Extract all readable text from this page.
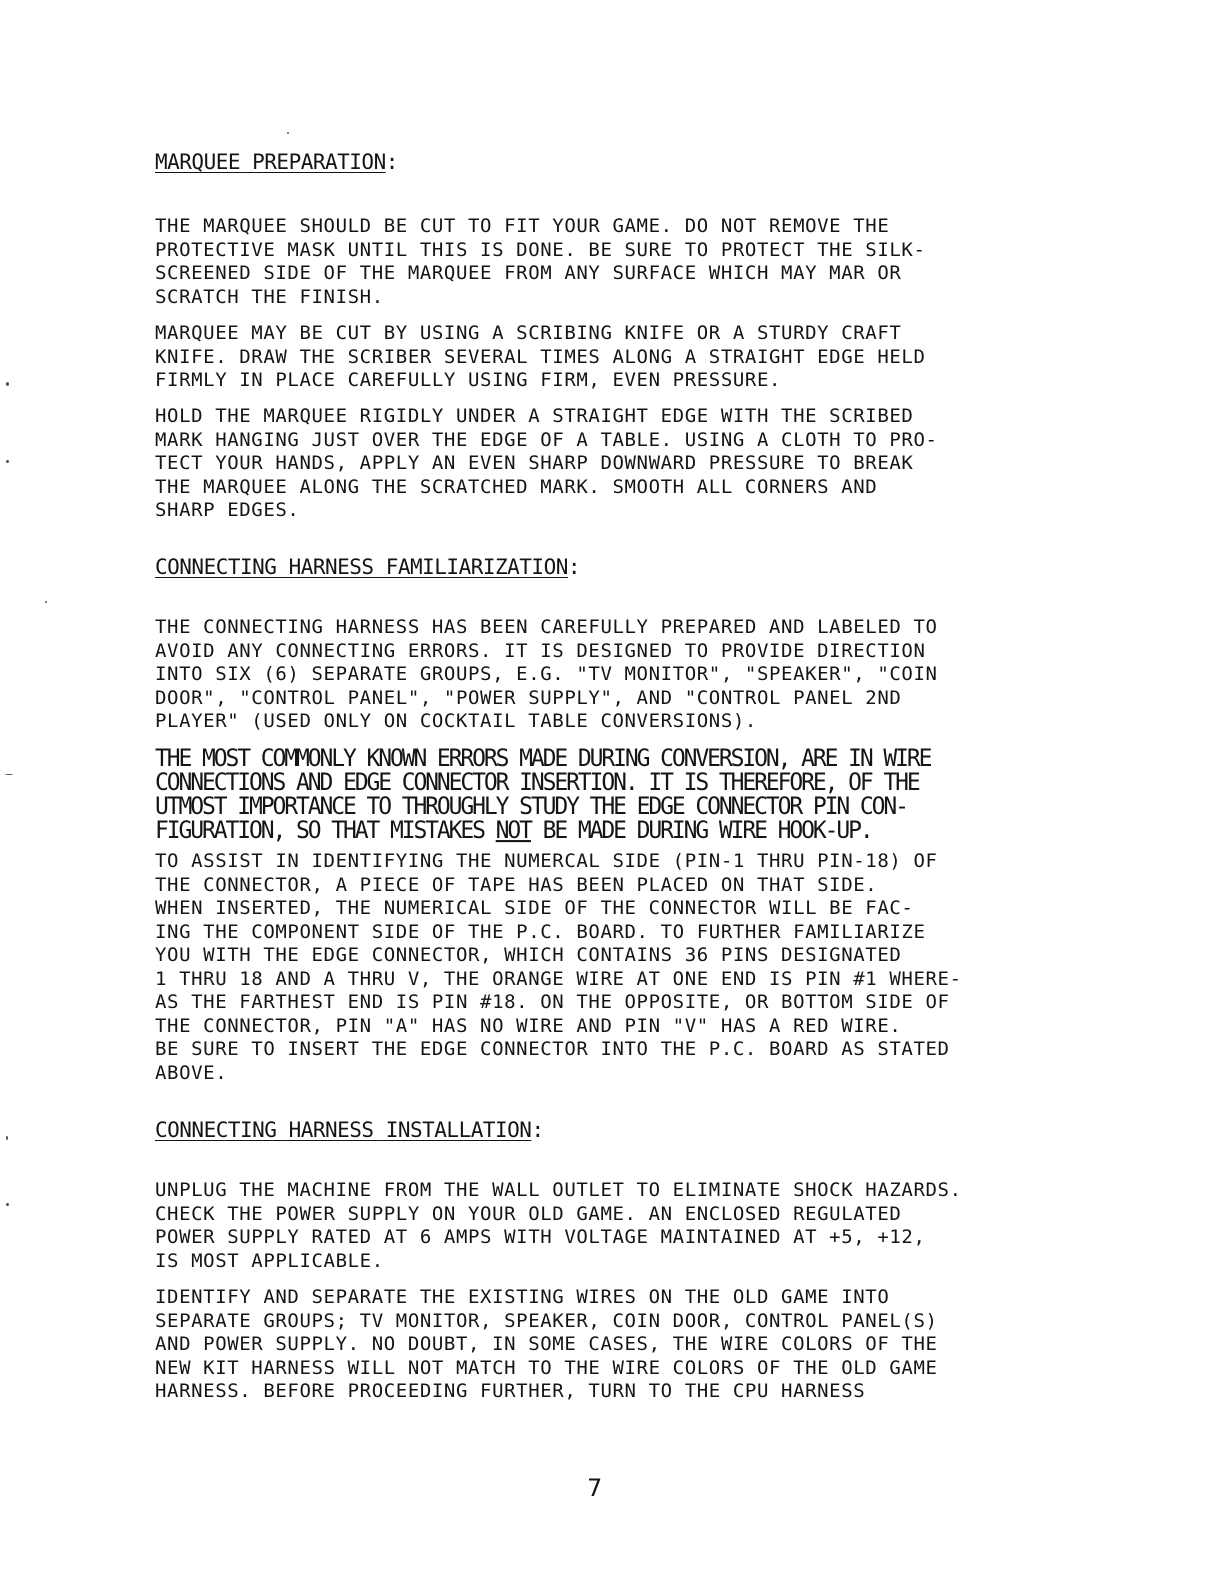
MARQUEE PREPARATION:
THE MARQUEE SHOULD BE CUT TO FIT YOUR GAME. DO NOT REMOVE THE
PROTECTIVE MASK UNTIL THIS IS DONE. BE SURE TO PROTECT THE SILK-
SCREENED SIDE OF THE MARQUEE FROM ANY SURFACE WHICH MAY MAR OR
SCRATCH THE FINISH.
MARQUEE MAY BE CUT BY USING A SCRIBING KNIFE OR A STURDY CRAFT
KNIFE. DRAW THE SCRIBER SEVERAL TIMES ALONG A STRAIGHT EDGE HELD
FIRMLY IN PLACE CAREFULLY USING FIRM, EVEN PRESSURE.
HOLD THE MARQUEE RIGIDLY UNDER A STRAIGHT EDGE WITH THE SCRIBED
MARK HANGING JUST OVER THE EDGE OF A TABLE. USING A CLOTH TO PRO-
TECT YOUR HANDS, APPLY AN EVEN SHARP DOWNWARD PRESSURE TO BREAK
THE MARQUEE ALONG THE SCRATCHED MARK. SMOOTH ALL CORNERS AND
SHARP EDGES.
CONNECTING HARNESS FAMILIARIZATION:
THE CONNECTING HARNESS HAS BEEN CAREFULLY PREPARED AND LABELED TO
AVOID ANY CONNECTING ERRORS. IT IS DESIGNED TO PROVIDE DIRECTION
INTO SIX (6) SEPARATE GROUPS, E.G. "TV MONITOR", "SPEAKER", "COIN
DOOR", "CONTROL PANEL", "POWER SUPPLY", AND "CONTROL PANEL 2ND
PLAYER" (USED ONLY ON COCKTAIL TABLE CONVERSIONS).
THE MOST COMMONLY KNOWN ERRORS MADE DURING CONVERSION, ARE IN WIRE
CONNECTIONS AND EDGE CONNECTOR INSERTION. IT IS THEREFORE, OF THE
UTMOST IMPORTANCE TO THROUGHLY STUDY THE EDGE CONNECTOR PIN CON-
FIGURATION, SO THAT MISTAKES NOT BE MADE DURING WIRE HOOK-UP.
TO ASSIST IN IDENTIFYING THE NUMERCAL SIDE (PIN-1 THRU PIN-18) OF
THE CONNECTOR, A PIECE OF TAPE HAS BEEN PLACED ON THAT SIDE.
WHEN INSERTED, THE NUMERICAL SIDE OF THE CONNECTOR WILL BE FAC-
ING THE COMPONENT SIDE OF THE P.C. BOARD. TO FURTHER FAMILIARIZE
YOU WITH THE EDGE CONNECTOR, WHICH CONTAINS 36 PINS DESIGNATED
1 THRU 18 AND A THRU V, THE ORANGE WIRE AT ONE END IS PIN #1 WHERE-
AS THE FARTHEST END IS PIN #18. ON THE OPPOSITE, OR BOTTOM SIDE OF
THE CONNECTOR, PIN "A" HAS NO WIRE AND PIN "V" HAS A RED WIRE.
BE SURE TO INSERT THE EDGE CONNECTOR INTO THE P.C. BOARD AS STATED
ABOVE.
CONNECTING HARNESS INSTALLATION:
UNPLUG THE MACHINE FROM THE WALL OUTLET TO ELIMINATE SHOCK HAZARDS.
CHECK THE POWER SUPPLY ON YOUR OLD GAME. AN ENCLOSED REGULATED
POWER SUPPLY RATED AT 6 AMPS WITH VOLTAGE MAINTAINED AT +5, +12,
IS MOST APPLICABLE.
IDENTIFY AND SEPARATE THE EXISTING WIRES ON THE OLD GAME INTO
SEPARATE GROUPS; TV MONITOR, SPEAKER, COIN DOOR, CONTROL PANEL(S)
AND POWER SUPPLY. NO DOUBT, IN SOME CASES, THE WIRE COLORS OF THE
NEW KIT HARNESS WILL NOT MATCH TO THE WIRE COLORS OF THE OLD GAME
HARNESS. BEFORE PROCEEDING FURTHER, TURN TO THE CPU HARNESS
7
